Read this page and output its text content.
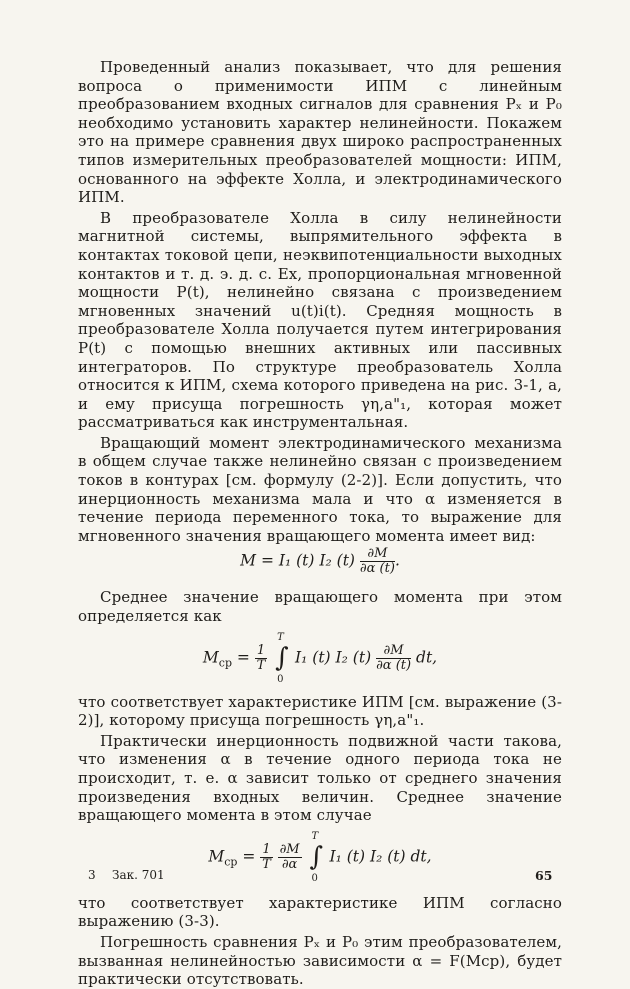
Проведенный анализ показывает, что для решения вопроса о применимости ИПМ с линейным преобразованием входных сигналов для сравнения Pₓ и P₀ необходимо установить характер нелинейности. Покажем это на примере сравнения двух широко распространенных типов измерительных преобразователей мощности: ИПМ, основанного на эффекте Холла, и электродинамического ИПМ.

В преобразователе Холла в силу нелинейности магнитной системы, выпрямительного эффекта в контактах токовой цепи, неэквипотенциальности выходных контактов и т. д. э. д. с. Eх, пропорциональная мгновенной мощности P(t), нелинейно связана с произведением мгновенных значений u(t)i(t). Средняя мощность в преобразователе Холла получается путем интегрирования P(t) с помощью внешних активных или пассивных интеграторов. По структуре преобразователь Холла относится к ИПМ, схема которого приведена на рис. 3-1, а, и ему присуща погрешность γη,а"₁, которая может рассматриваться как инструментальная.

Вращающий момент электродинамического механизма в общем случае также нелинейно связан с произведением токов в контурах [см. формулу (2-2)]. Если допустить, что инерционность механизма мала и что α изменяется в течение периода переменного тока, то выражение для мгновенного значения вращающего момента имеет вид:

M = I₁ (t) I₂ $(t) \frac{\partial M}{\partial\alpha (t)}$ .

Среднее значение вращающего момента при этом определяется как

$M_{ср} = \frac{1}{T}$ ∫
T
0
I₁ (t) I₂ $(t) \frac{\partial M}{\partial\alpha (t)}$ dt,

что соответствует характеристике ИПМ [см. выражение (3-2)], которому присуща погрешность γη,а"₁.

Практически инерционность подвижной части такова, что изменения α в течение одного периода тока не происходит, т. е. α зависит только от среднего значения произведения входных величин. Среднее значение вращающего момента в этом случае

$M_{ср} = \frac{1}{T}$
$\frac{\partial M}{\partial\alpha}$ ∫
T
0
I₁ (t) I₂ (t) dt,

что соответствует характеристике ИПМ согласно выражению (3-3).

Погрешность сравнения Pₓ и P₀ этим преобразователем, вызванная нелинейностью зависимости α = F(Mср), будет практически отсутствовать.

3 Зак. 701	65
